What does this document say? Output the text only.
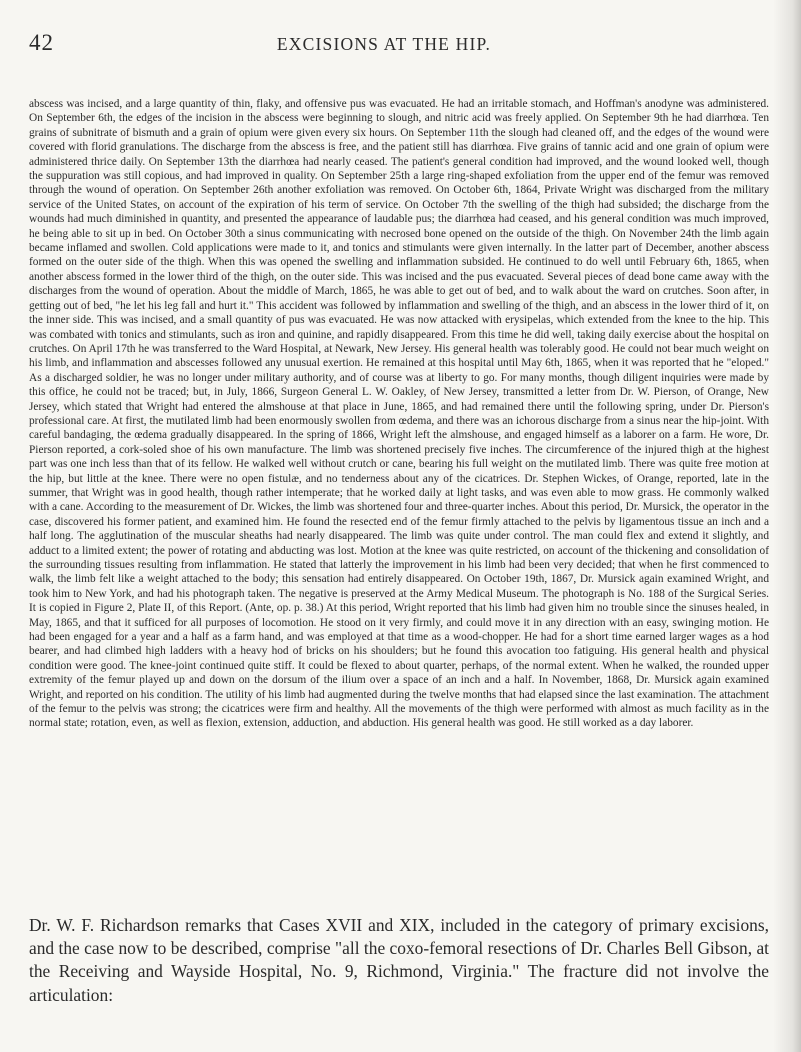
42	EXCISIONS AT THE HIP.

abscess was incised, and a large quantity of thin, flaky, and offensive pus was evacuated. He had an irritable stomach, and Hoffman's anodyne was administered. On September 6th, the edges of the incision in the abscess were beginning to slough, and nitric acid was freely applied. On September 9th he had diarrhœa. Ten grains of subnitrate of bismuth and a grain of opium were given every six hours. On September 11th the slough had cleaned off, and the edges of the wound were covered with florid granulations. The discharge from the abscess is free, and the patient still has diarrhœa. Five grains of tannic acid and one grain of opium were administered thrice daily. On September 13th the diarrhœa had nearly ceased. The patient's general condition had improved, and the wound looked well, though the suppuration was still copious, and had improved in quality. On September 25th a large ring-shaped exfoliation from the upper end of the femur was removed through the wound of operation. On September 26th another exfoliation was removed. On October 6th, 1864, Private Wright was discharged from the military service of the United States, on account of the expiration of his term of service. On October 7th the swelling of the thigh had subsided; the discharge from the wounds had much diminished in quantity, and presented the appearance of laudable pus; the diarrhœa had ceased, and his general condition was much improved, he being able to sit up in bed. On October 30th a sinus communicating with necrosed bone opened on the outside of the thigh. On November 24th the limb again became inflamed and swollen. Cold applications were made to it, and tonics and stimulants were given internally. In the latter part of December, another abscess formed on the outer side of the thigh. When this was opened the swelling and inflammation subsided. He continued to do well until February 6th, 1865, when another abscess formed in the lower third of the thigh, on the outer side. This was incised and the pus evacuated. Several pieces of dead bone came away with the discharges from the wound of operation. About the middle of March, 1865, he was able to get out of bed, and to walk about the ward on crutches. Soon after, in getting out of bed, "he let his leg fall and hurt it." This accident was followed by inflammation and swelling of the thigh, and an abscess in the lower third of it, on the inner side. This was incised, and a small quantity of pus was evacuated. He was now attacked with erysipelas, which extended from the knee to the hip. This was combated with tonics and stimulants, such as iron and quinine, and rapidly disappeared. From this time he did well, taking daily exercise about the hospital on crutches. On April 17th he was transferred to the Ward Hospital, at Newark, New Jersey. His general health was tolerably good. He could not bear much weight on his limb, and inflammation and abscesses followed any unusual exertion. He remained at this hospital until May 6th, 1865, when it was reported that he "eloped." As a discharged soldier, he was no longer under military authority, and of course was at liberty to go. For many months, though diligent inquiries were made by this office, he could not be traced; but, in July, 1866, Surgeon General L. W. Oakley, of New Jersey, transmitted a letter from Dr. W. Pierson, of Orange, New Jersey, which stated that Wright had entered the almshouse at that place in June, 1865, and had remained there until the following spring, under Dr. Pierson's professional care. At first, the mutilated limb had been enormously swollen from œdema, and there was an ichorous discharge from a sinus near the hip-joint. With careful bandaging, the œdema gradually disappeared. In the spring of 1866, Wright left the almshouse, and engaged himself as a laborer on a farm. He wore, Dr. Pierson reported, a cork-soled shoe of his own manufacture. The limb was shortened precisely five inches. The circumference of the injured thigh at the highest part was one inch less than that of its fellow. He walked well without crutch or cane, bearing his full weight on the mutilated limb. There was quite free motion at the hip, but little at the knee. There were no open fistulæ, and no tenderness about any of the cicatrices. Dr. Stephen Wickes, of Orange, reported, late in the summer, that Wright was in good health, though rather intemperate; that he worked daily at light tasks, and was even able to mow grass. He commonly walked with a cane. According to the measurement of Dr. Wickes, the limb was shortened four and three-quarter inches. About this period, Dr. Mursick, the operator in the case, discovered his former patient, and examined him. He found the resected end of the femur firmly attached to the pelvis by ligamentous tissue an inch and a half long. The agglutination of the muscular sheaths had nearly disappeared. The limb was quite under control. The man could flex and extend it slightly, and adduct to a limited extent; the power of rotating and abducting was lost. Motion at the knee was quite restricted, on account of the thickening and consolidation of the surrounding tissues resulting from inflammation. He stated that latterly the improvement in his limb had been very decided; that when he first commenced to walk, the limb felt like a weight attached to the body; this sensation had entirely disappeared. On October 19th, 1867, Dr. Mursick again examined Wright, and took him to New York, and had his photograph taken. The negative is preserved at the Army Medical Museum. The photograph is No. 188 of the Surgical Series. It is copied in Figure 2, Plate II, of this Report. (Ante, op. p. 38.) At this period, Wright reported that his limb had given him no trouble since the sinuses healed, in May, 1865, and that it sufficed for all purposes of locomotion. He stood on it very firmly, and could move it in any direction with an easy, swinging motion. He had been engaged for a year and a half as a farm hand, and was employed at that time as a wood-chopper. He had for a short time earned larger wages as a hod bearer, and had climbed high ladders with a heavy hod of bricks on his shoulders; but he found this avocation too fatiguing. His general health and physical condition were good. The knee-joint continued quite stiff. It could be flexed to about quarter, perhaps, of the normal extent. When he walked, the rounded upper extremity of the femur played up and down on the dorsum of the ilium over a space of an inch and a half. In November, 1868, Dr. Mursick again examined Wright, and reported on his condition. The utility of his limb had augmented during the twelve months that had elapsed since the last examination. The attachment of the femur to the pelvis was strong; the cicatrices were firm and healthy. All the movements of the thigh were performed with almost as much facility as in the normal state; rotation, even, as well as flexion, extension, adduction, and abduction. His general health was good. He still worked as a day laborer.

Dr. W. F. Richardson remarks that Cases XVII and XIX, included in the category of primary excisions, and the case now to be described, comprise "all the coxo-femoral resections of Dr. Charles Bell Gibson, at the Receiving and Wayside Hospital, No. 9, Richmond, Virginia." The fracture did not involve the articulation:
